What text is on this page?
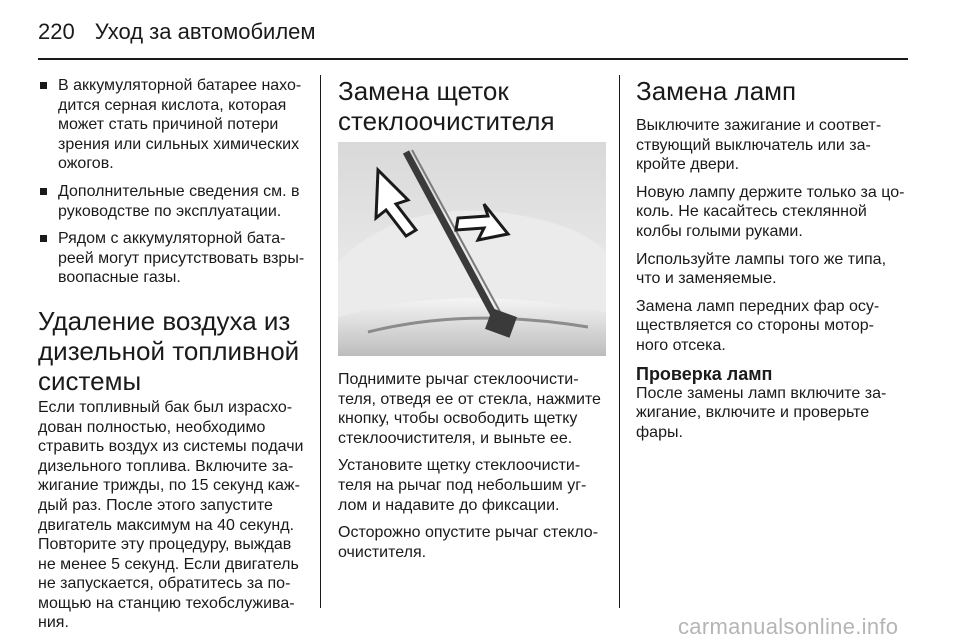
220 Уход за автомобилем
В аккумуляторной батарее нахо-
дится серная кислота, которая
может стать причиной потери
зрения или сильных химических
ожогов.
Дополнительные сведения см. в
руководстве по эксплуатации.
Рядом с аккумуляторной бата-
реей могут присутствовать взры-
воопасные газы.
Удаление воздуха из
дизельной топливной
системы

Если топливный бак был израсхо-
дован полностью, необходимо
стравить воздух из системы подачи
дизельного топлива. Включите за-
жигание трижды, по 15 секунд каж-
дый раз. После этого запустите
двигатель максимум на 40 секунд.
Повторите эту процедуру, выждав
не менее 5 секунд. Если двигатель
не запускается, обратитесь за по-
мощью на станцию техобслужива-
ния.

Замена щеток
стеклоочистителя

Поднимите рычаг стеклоочисти-
теля, отведя ее от стекла, нажмите
кнопку, чтобы освободить щетку
стеклоочистителя, и выньте ее.

Установите щетку стеклоочисти-
теля на рычаг под небольшим уг-
лом и надавите до фиксации.

Осторожно опустите рычаг стекло-
очистителя.

Замена ламп

Выключите зажигание и соответ-
ствующий выключатель или за-
кройте двери.

Новую лампу держите только за цо-
коль. Не касайтесь стеклянной
колбы голыми руками.

Используйте лампы того же типа,
что и заменяемые.

Замена ламп передних фар осу-
ществляется со стороны мотор-
ного отсека.

Проверка ламп

После замены ламп включите за-
жигание, включите и проверьте
фары.

carmanualsonline.info
